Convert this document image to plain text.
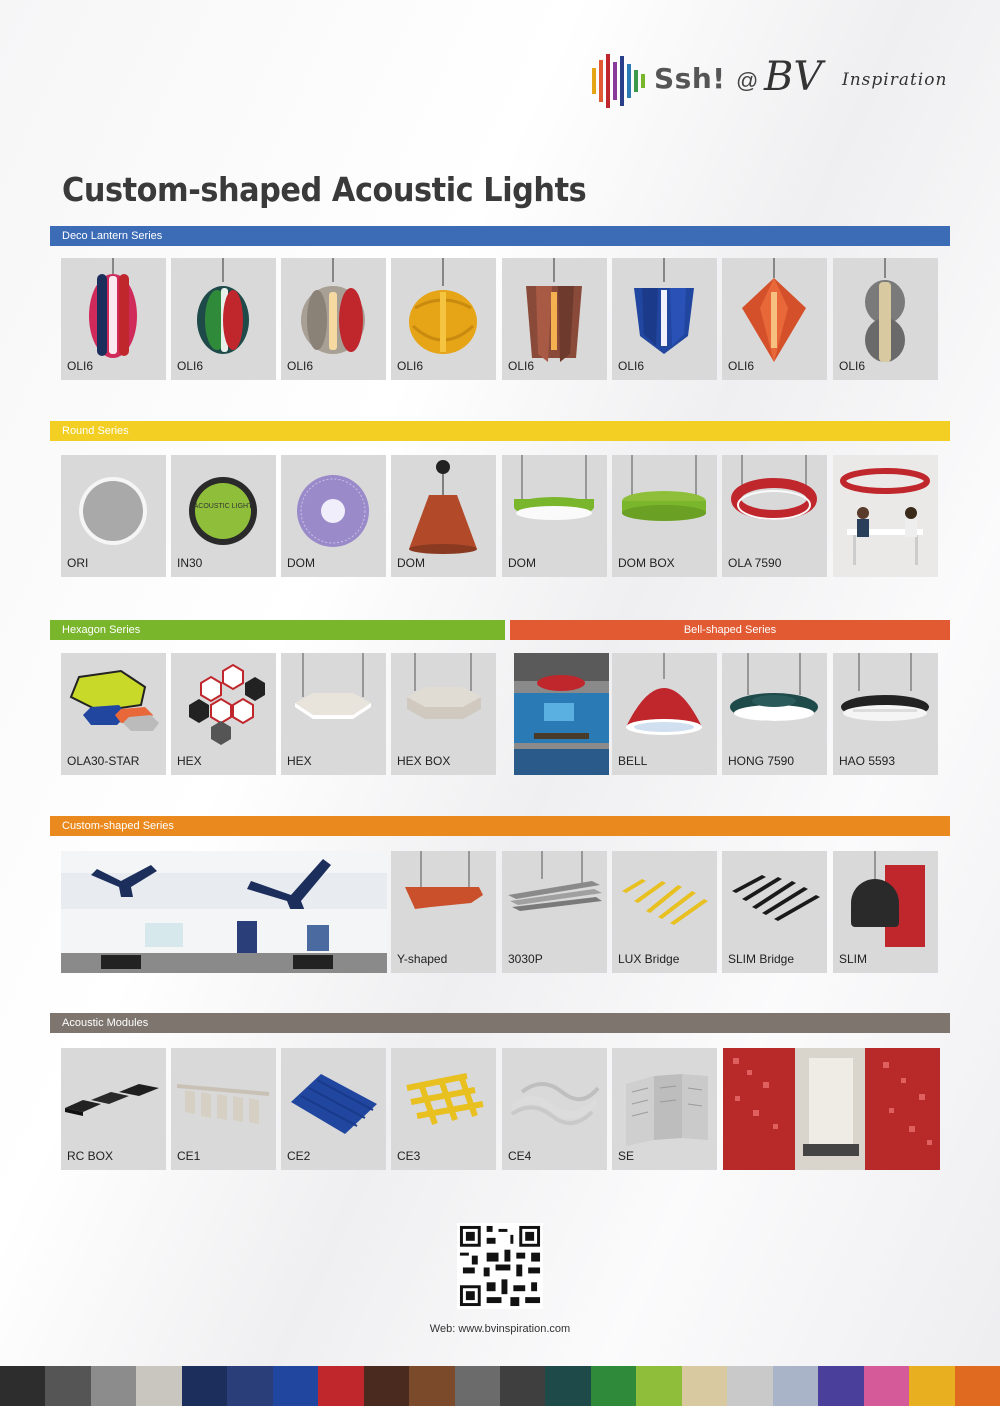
Ssh! @ BV Inspiration
Custom-shaped Acoustic Lights
Deco Lantern Series
OLI6	OLI6	OLI6	OLI6	OLI6	OLI6	OLI6	OLI6
Round Series
ORI
ACOUSTIC LIGHT
IN30	DOM	DOM	DOM	DOM BOX	OLA 7590
Hexagon Series	Bell-shaped Series
OLA30-STAR	HEX	HEX	HEX BOX	BELL	HONG 7590	HAO 5593
Custom-shaped Series
Y-shaped	3030P	LUX Bridge	SLIM Bridge	SLIM
Acoustic Modules
RC BOX	CE1	CE2	CE3	CE4	SE
Web: www.bvinspiration.com
